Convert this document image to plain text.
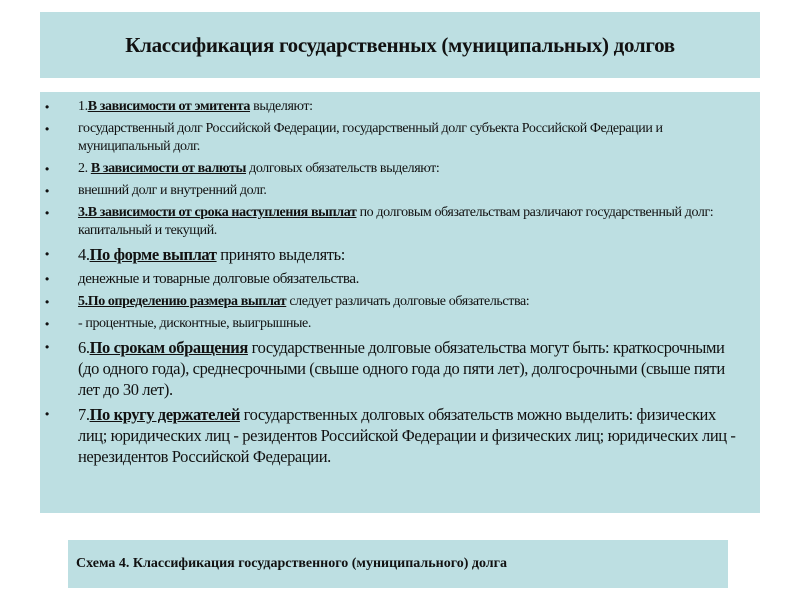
Классификация государственных (муниципальных) долгов
• 1.В зависимости от эмитента выделяют:
• государственный долг Российской Федерации, государственный долг субъекта Российской Федерации и муниципальный долг.
• 2. В зависимости от валюты долговых обязательств выделяют:
• внешний долг и внутренний долг.
• 3.В зависимости от срока наступления выплат по долговым обязательствам различают государственный долг: капитальный и текущий.
• 4.По форме выплат принято выделять:
• денежные и товарные долговые обязательства.
• 5.По определению размера выплат следует различать долговые обязательства:
• - процентные, дисконтные, выигрышные.
• 6.По срокам обращения государственные долговые обязательства могут быть: краткосрочными (до одного года), среднесрочными (свыше одного года до пяти лет), долгосрочными (свыше пяти лет до 30 лет).
• 7.По кругу держателей государственных долговых обязательств можно выделить: физических лиц; юридических лиц - резидентов Российской Федерации и физических лиц; юридических лиц - нерезидентов Российской Федерации.
Схема 4. Классификация государственного (муниципального) долга
